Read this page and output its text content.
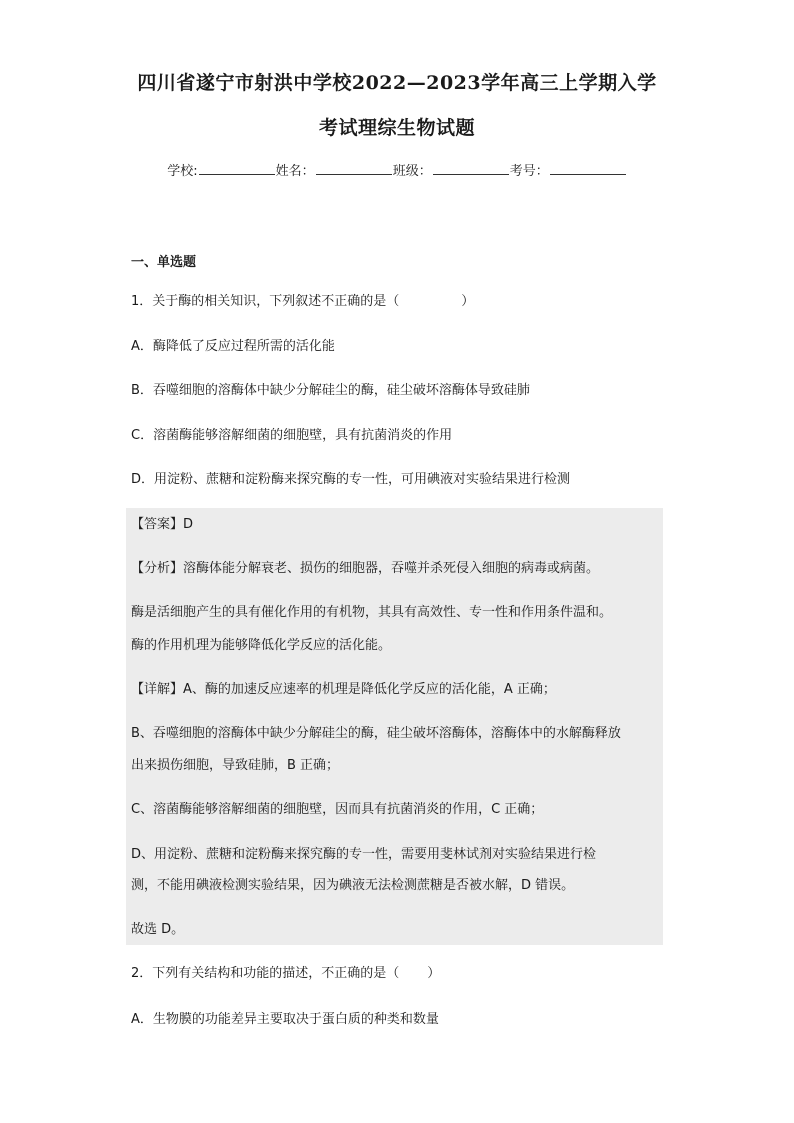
四川省遂宁市射洪中学校2022—2023学年高三上学期入学
考试理综生物试题
学校:	姓名：	班级：	考号：
一、单选题
1．关于酶的相关知识，下列叙述不正确的是（	）
A．酶降低了反应过程所需的活化能
B．吞噬细胞的溶酶体中缺少分解硅尘的酶，硅尘破坏溶酶体导致硅肺
C．溶菌酶能够溶解细菌的细胞壁，具有抗菌消炎的作用
D．用淀粉、蔗糖和淀粉酶来探究酶的专一性，可用碘液对实验结果进行检测
【答案】D
【分析】溶酶体能分解衰老、损伤的细胞器，吞噬并杀死侵入细胞的病毒或病菌。
酶是活细胞产生的具有催化作用的有机物，其具有高效性、专一性和作用条件温和。
酶的作用机理为能够降低化学反应的活化能。
【详解】A、酶的加速反应速率的机理是降低化学反应的活化能，A 正确；
B、吞噬细胞的溶酶体中缺少分解硅尘的酶，硅尘破坏溶酶体，溶酶体中的水解酶释放
出来损伤细胞，导致硅肺，B 正确；
C、溶菌酶能够溶解细菌的细胞壁，因而具有抗菌消炎的作用，C 正确；
D、用淀粉、蔗糖和淀粉酶来探究酶的专一性，需要用斐林试剂对实验结果进行检
测，不能用碘液检测实验结果，因为碘液无法检测蔗糖是否被水解，D 错误。
故选 D。
2．下列有关结构和功能的描述，不正确的是（ ）
A．生物膜的功能差异主要取决于蛋白质的种类和数量
